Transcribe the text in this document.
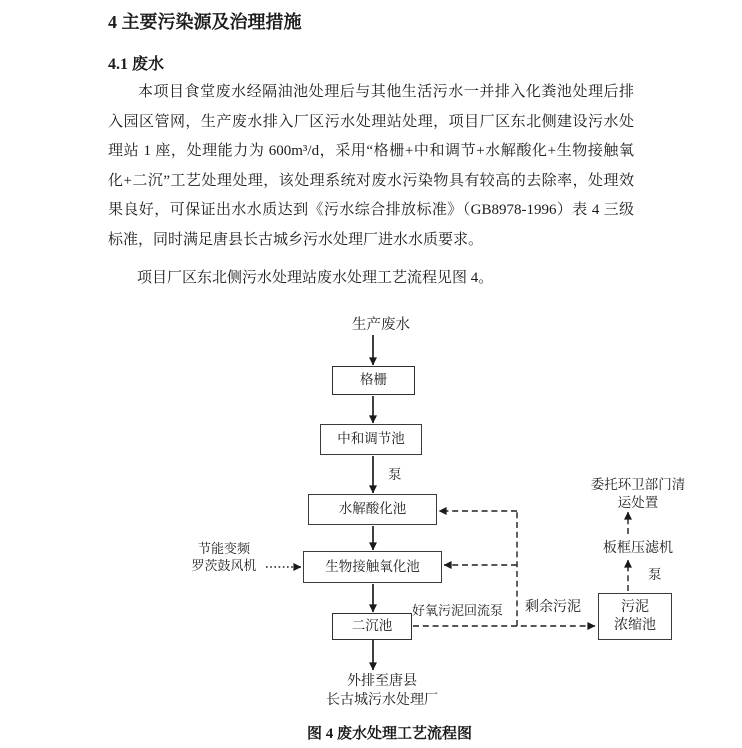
4 主要污染源及治理措施
4.1 废水
本项目食堂废水经隔油池处理后与其他生活污水一并排入化粪池处理后排
入园区管网，生产废水排入厂区污水处理站处理，项目厂区东北侧建设污水处
理站 1 座，处理能力为 600m³/d，采用“格栅+中和调节+水解酸化+生物接触氧
化+二沉”工艺处理处理，该处理系统对废水污染物具有较高的去除率，处理效
果良好，可保证出水水质达到《污水综合排放标准》（GB8978-1996）表 4 三级
标准，同时满足唐县长古城乡污水处理厂进水水质要求。
项目厂区东北侧污水处理站废水处理工艺流程见图 4。
生产废水
格栅
中和调节池
泵
水解酸化池
节能变频
罗茨鼓风机	生物接触氧化池
好氧污泥回流泵 剩余污泥
二沉池
外排至唐县
长古城污水处理厂
委托环卫部门清
运处置
板框压滤机
泵
污泥
浓缩池
图 4 废水处理工艺流程图
